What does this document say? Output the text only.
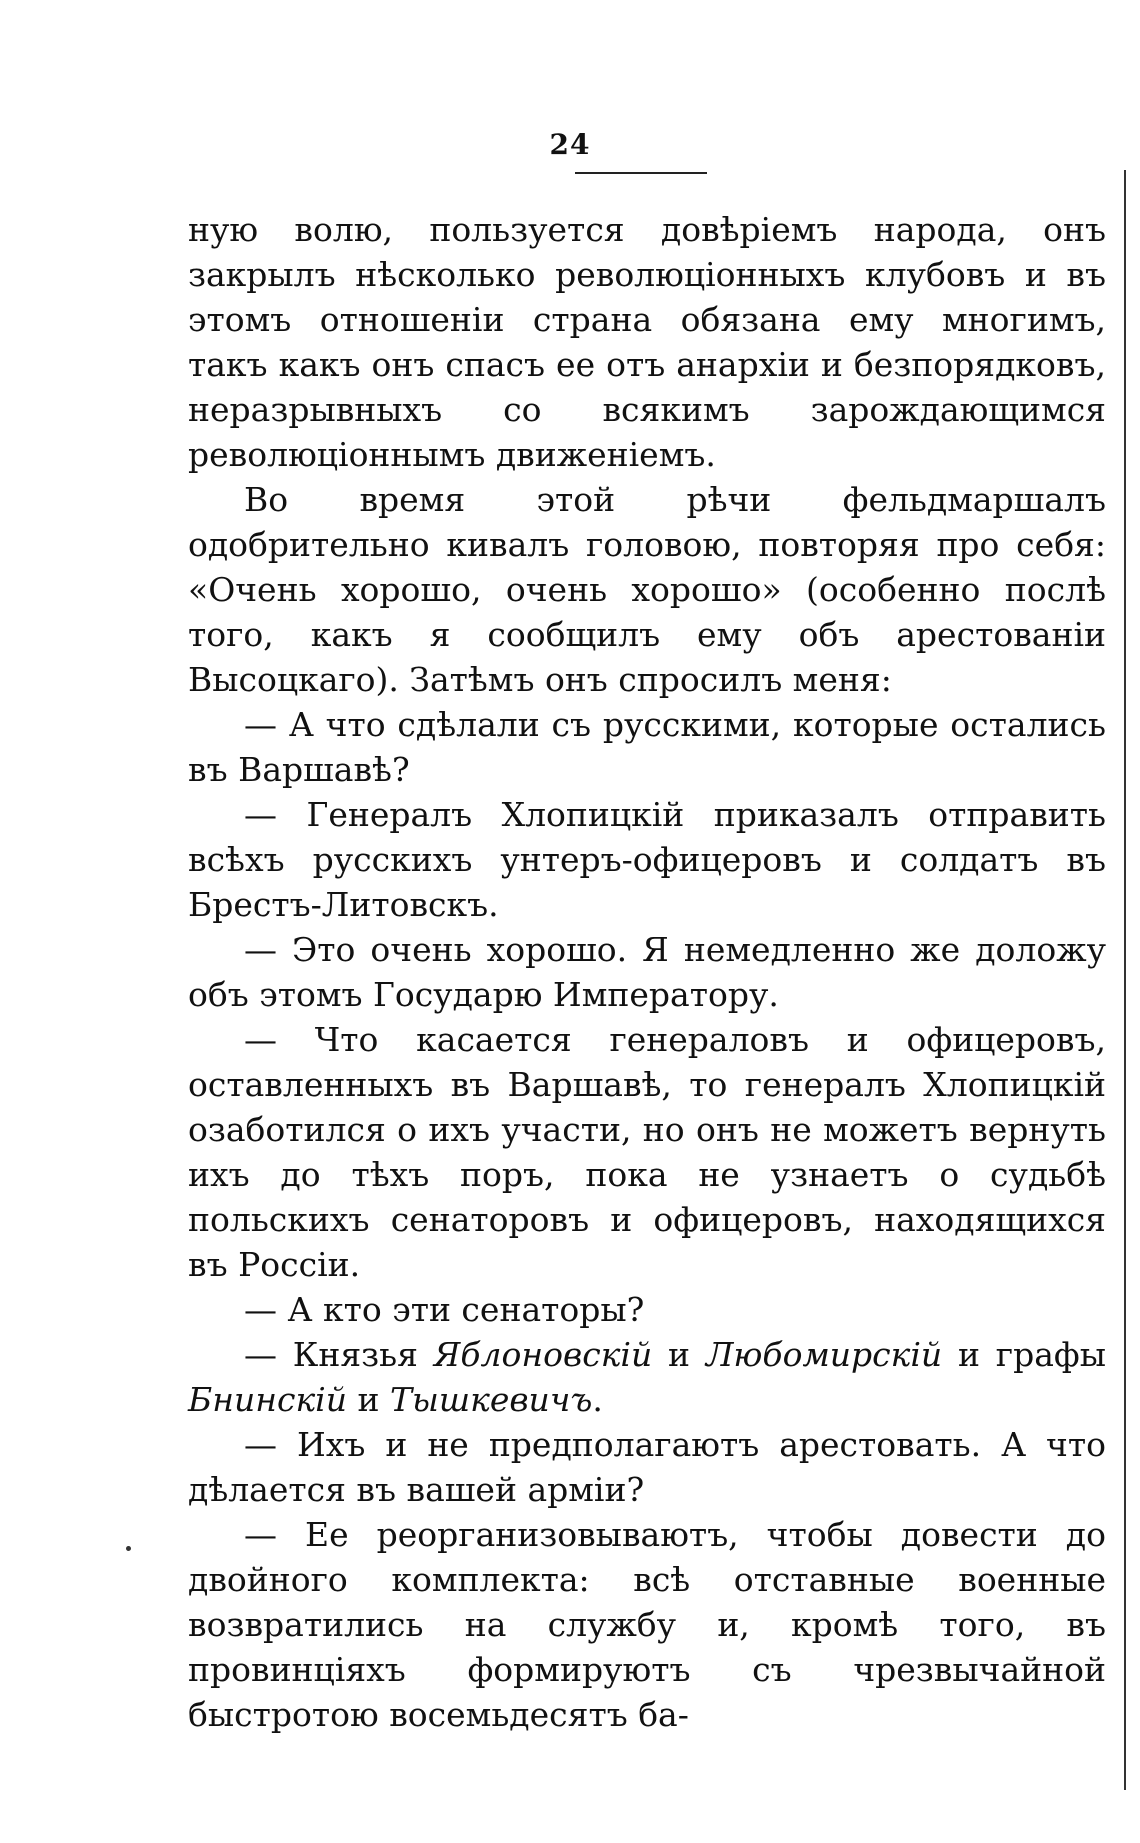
24

ную волю, пользуется довѣріемъ народа, онъ закрылъ нѣсколько революціонныхъ клубовъ и въ этомъ отношеніи страна обязана ему многимъ, такъ какъ онъ спасъ ее отъ анархіи и безпорядковъ, неразрывныхъ со всякимъ зарождающимся революціоннымъ движеніемъ.

Во время этой рѣчи фельдмаршалъ одобрительно кивалъ головою, повторяя про себя: «Очень хорошо, очень хорошо» (особенно послѣ того, какъ я сообщилъ ему объ арестованіи Высоцкаго). Затѣмъ онъ спросилъ меня:

— А что сдѣлали съ русскими, которые остались въ Варшавѣ?

— Генералъ Хлопицкій приказалъ отправить всѣхъ русскихъ унтеръ-офицеровъ и солдатъ въ Брестъ-Литовскъ.

— Это очень хорошо. Я немедленно же доложу объ этомъ Государю Императору.

— Что касается генераловъ и офицеровъ, оставленныхъ въ Варшавѣ, то генералъ Хлопицкій озаботился о ихъ участи, но онъ не можетъ вернуть ихъ до тѣхъ поръ, пока не узнаетъ о судьбѣ польскихъ сенаторовъ и офицеровъ, находящихся въ Россіи.

— А кто эти сенаторы?

— Князья Яблоновскій и Любомирскій и графы Бнинскій и Тышкевичъ.

— Ихъ и не предполагаютъ арестовать. А что дѣлается въ вашей арміи?

— Ее реорганизовываютъ, чтобы довести до двойного комплекта: всѣ отставные военные возвратились на службу и, кромѣ того, въ провинціяхъ формируютъ съ чрезвычайной быстротою восемьдесятъ ба-
